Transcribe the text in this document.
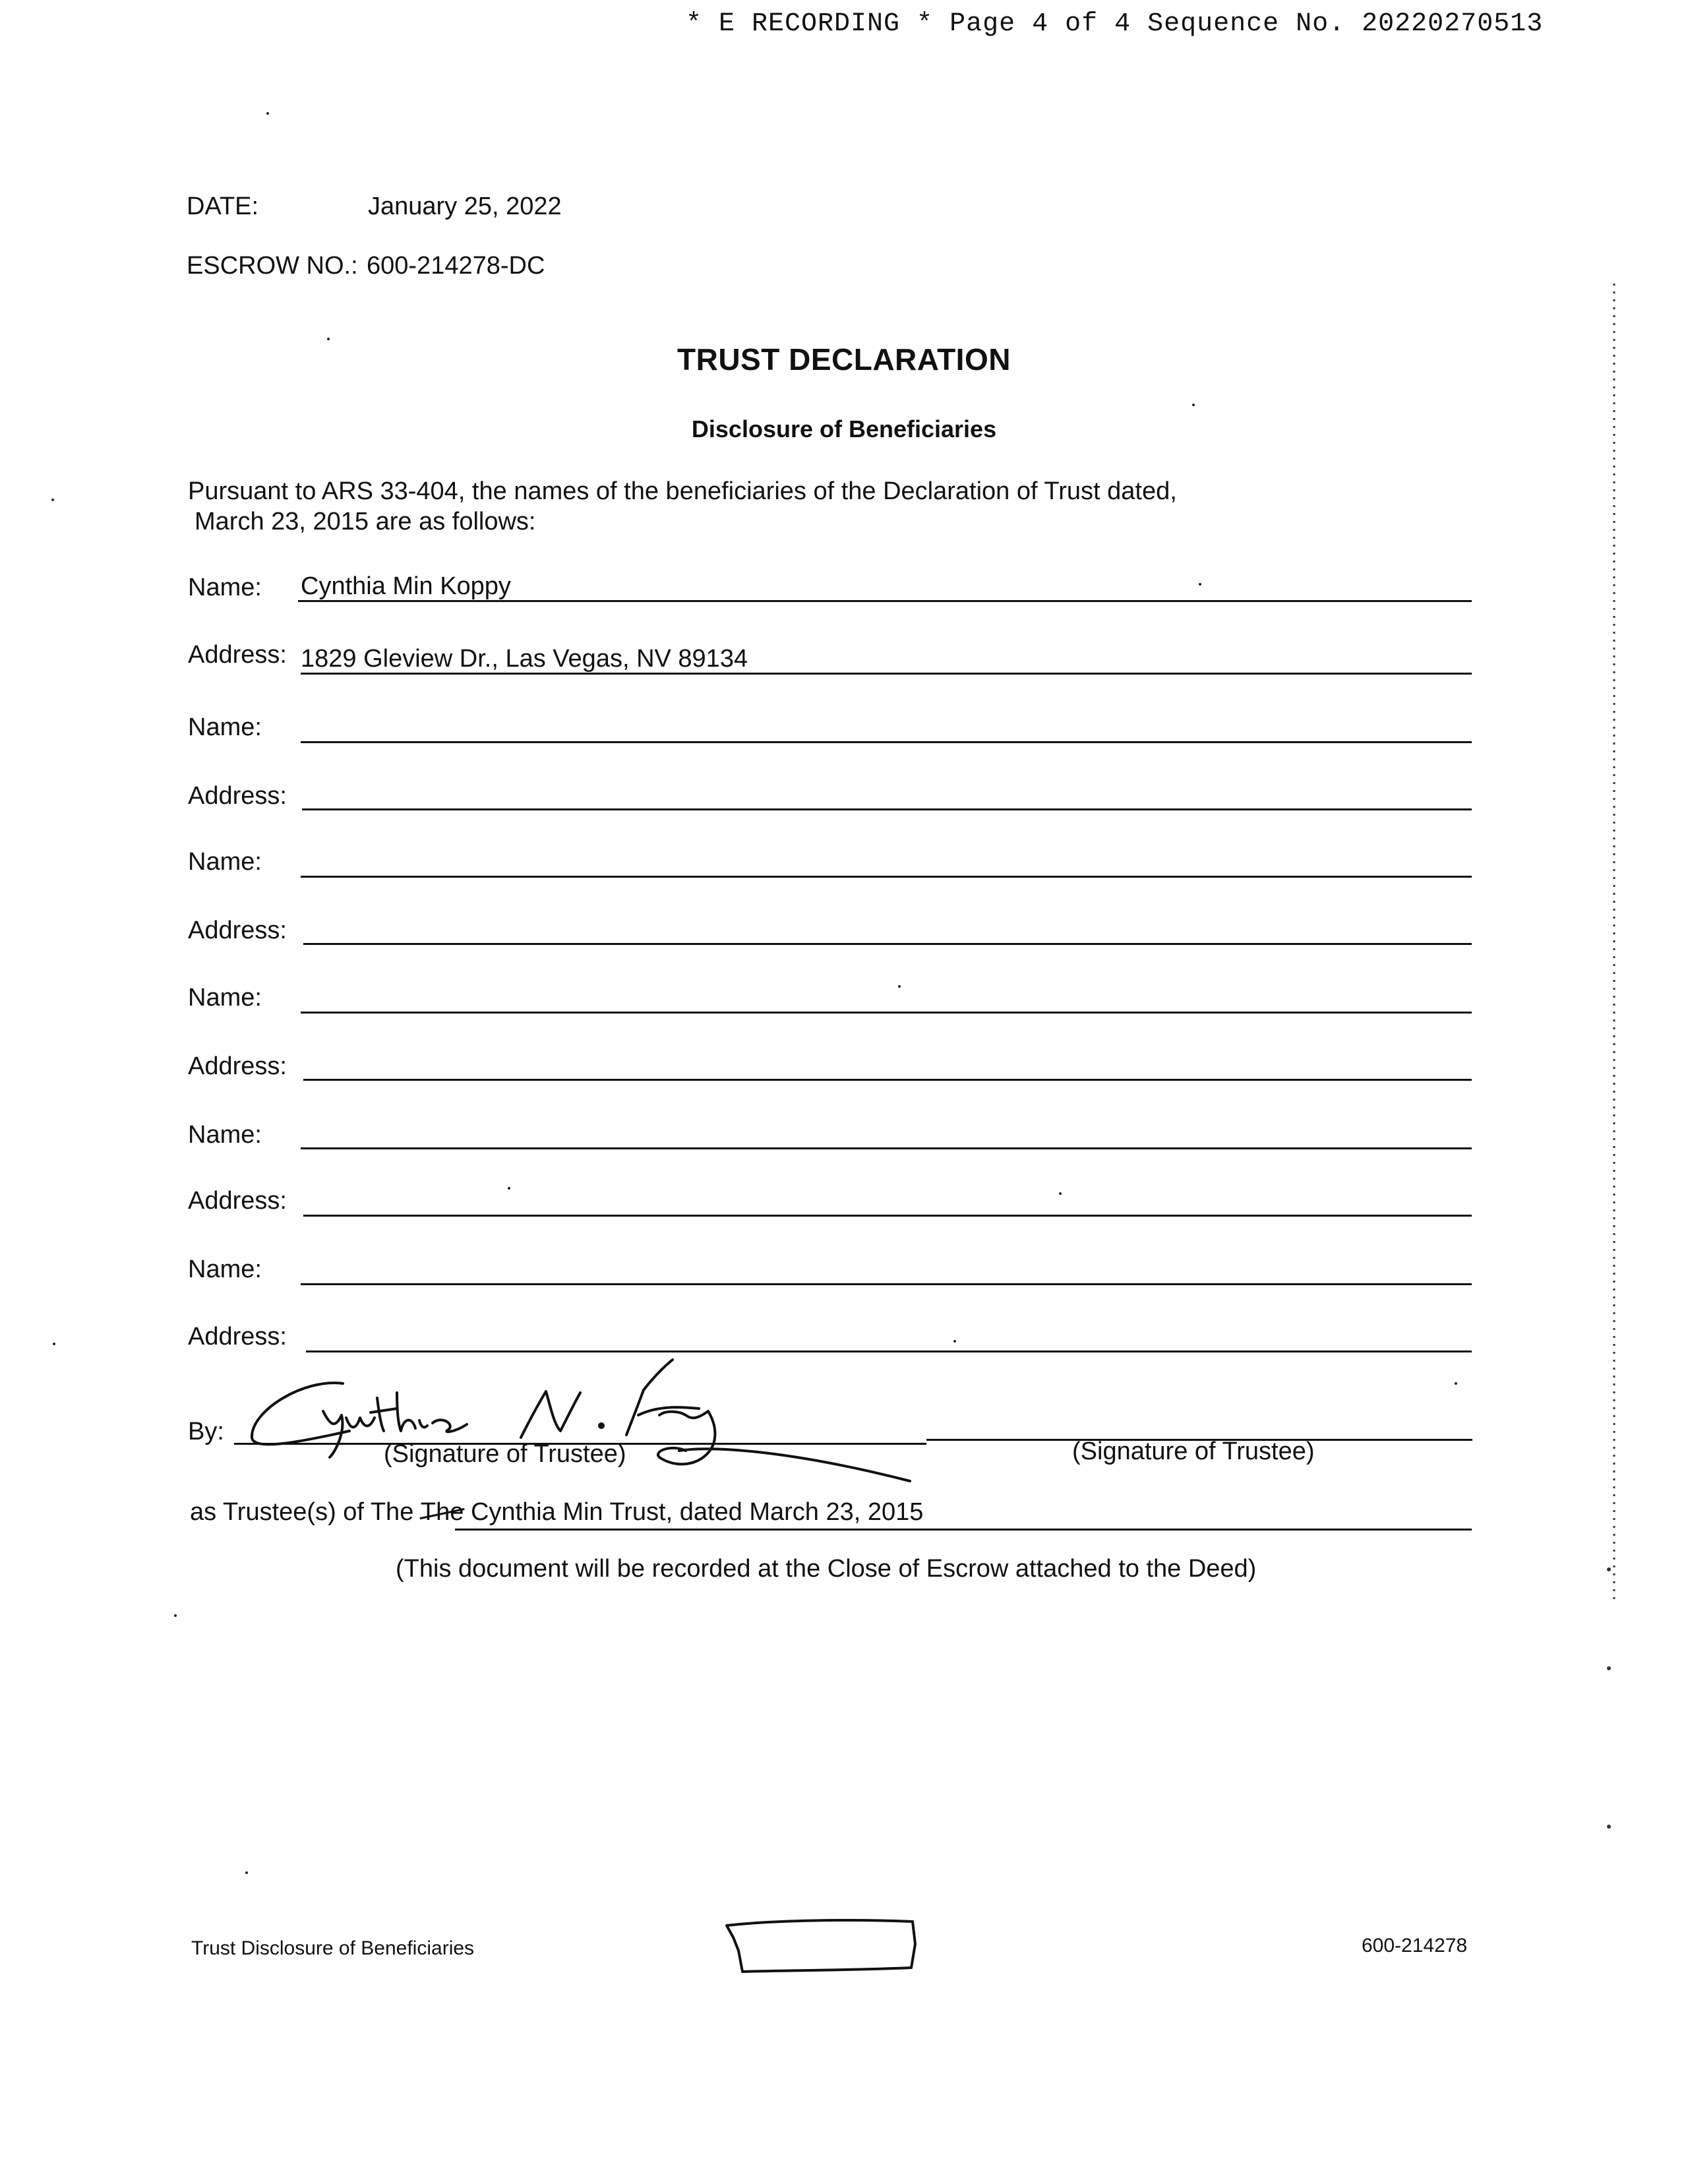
* E RECORDING * Page 4 of 4 Sequence No. 20220270513
DATE:	January 25, 2022
ESCROW NO.: 600-214278-DC
TRUST DECLARATION
Disclosure of Beneficiaries
Pursuant to ARS 33-404, the names of the beneficiaries of the Declaration of Trust dated,
March 23, 2015 are as follows:
Name: Cynthia Min Koppy
Address: 1829 Gleview Dr., Las Vegas, NV 89134
Name:
Address:
Name:
Address:
Name:
Address:
Name:
Address:
Name:
Address:
By:
(Signature of Trustee)	(Signature of Trustee)
as Trustee(s) of The The Cynthia Min Trust, dated March 23, 2015
(This document will be recorded at the Close of Escrow attached to the Deed)
Trust Disclosure of Beneficiaries	600-214278
